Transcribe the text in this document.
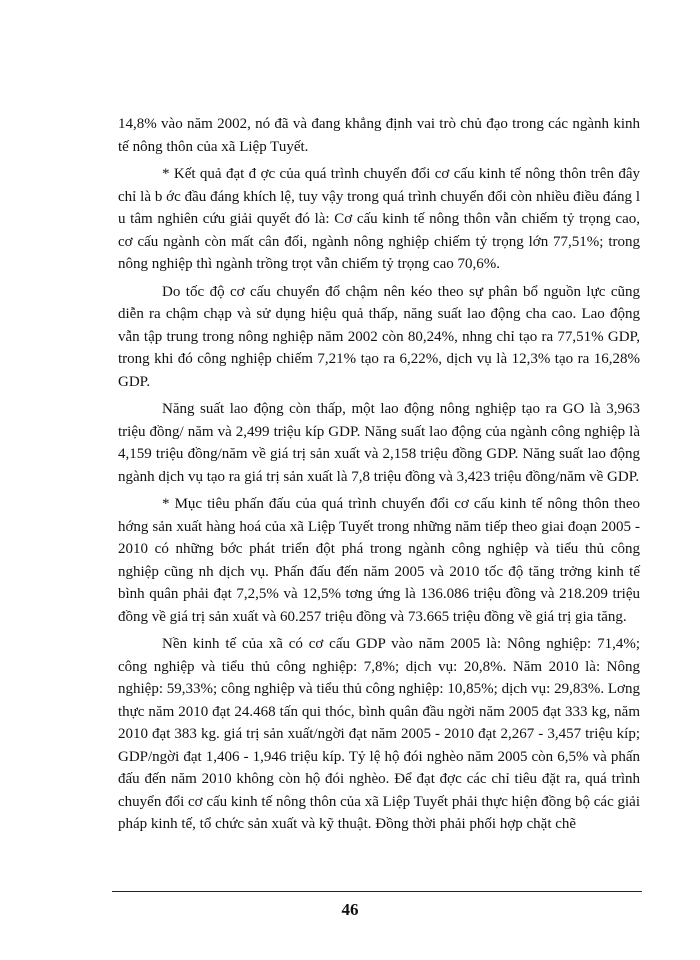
14,8% vào năm 2002, nó đã và đang khẳng định vai trò chủ đạo trong các ngành kinh tế nông thôn của xã Liệp Tuyết.

* Kết quả đạt đ ợc của quá trình chuyển đổi cơ cấu kinh tế nông thôn trên đây chỉ là b ớc đầu đáng khích lệ, tuy vậy trong quá trình chuyển đổi còn nhiều điều đáng l u tâm nghiên cứu giải quyết đó là: Cơ cấu kinh tế nông thôn vẫn chiếm tỷ trọng cao, cơ cấu ngành còn mất cân đối, ngành nông nghiệp chiếm tỷ trọng lớn 77,51%; trong nông nghiệp thì ngành trồng trọt vẫn chiếm tỷ trọng cao 70,6%.

Do tốc độ cơ cấu chuyển đổ chậm nên kéo theo sự phân bổ nguồn lực cũng diễn ra chậm chạp và sử dụng hiệu quả thấp, năng suất lao động cha cao. Lao động vẫn tập trung trong nông nghiệp năm 2002 còn 80,24%, nhng chỉ tạo ra 77,51% GDP, trong khi đó công nghiệp chiếm 7,21% tạo ra 6,22%, dịch vụ là 12,3% tạo ra 16,28% GDP.

Năng suất lao động còn thấp, một lao động nông nghiệp tạo ra GO là 3,963 triệu đồng/ năm và 2,499 triệu kíp GDP. Năng suất lao động của ngành công nghiệp là 4,159 triệu đồng/năm về giá trị sản xuất và 2,158 triệu đồng GDP. Năng suất lao động ngành dịch vụ tạo ra giá trị sản xuất là 7,8 triệu đồng và 3,423 triệu đồng/năm về GDP.

* Mục tiêu phấn đấu của quá trình chuyển đổi cơ cấu kinh tế nông thôn theo hớng sản xuất hàng hoá của xã Liệp Tuyết trong những năm tiếp theo giai đoạn 2005 - 2010 có những bớc phát triển đột phá trong ngành công nghiệp và tiểu thủ công nghiệp cũng nh dịch vụ. Phấn đấu đến năm 2005 và 2010 tốc độ tăng trởng kinh tế bình quân phải đạt 7,2,5% và 12,5% tơng ứng là 136.086 triệu đồng và 218.209 triệu đồng về giá trị sản xuất và 60.257 triệu đồng và 73.665 triệu đồng về giá trị gia tăng.

Nền kinh tế của xã có cơ cấu GDP vào năm 2005 là: Nông nghiệp: 71,4%; công nghiệp và tiểu thủ công nghiệp: 7,8%; dịch vụ: 20,8%. Năm 2010 là: Nông nghiệp: 59,33%; công nghiệp và tiểu thủ công nghiệp: 10,85%; dịch vụ: 29,83%. Lơng thực năm 2010 đạt 24.468 tấn qui thóc, bình quân đầu ngời năm 2005 đạt 333 kg, năm 2010 đạt 383 kg. giá trị sản xuất/ngời đạt năm 2005 - 2010 đạt 2,267 - 3,457 triệu kíp; GDP/ngời đạt 1,406 - 1,946 triệu kíp. Tỷ lệ hộ đói nghèo năm 2005 còn 6,5% và phấn đấu đến năm 2010 không còn hộ đói nghèo. Để đạt đợc các chỉ tiêu đặt ra, quá trình chuyển đổi cơ cấu kinh tế nông thôn của xã Liệp Tuyết phải thực hiện đồng bộ các giải pháp kinh tế, tổ chức sản xuất và kỹ thuật. Đồng thời phải phối hợp chặt chẽ

46
